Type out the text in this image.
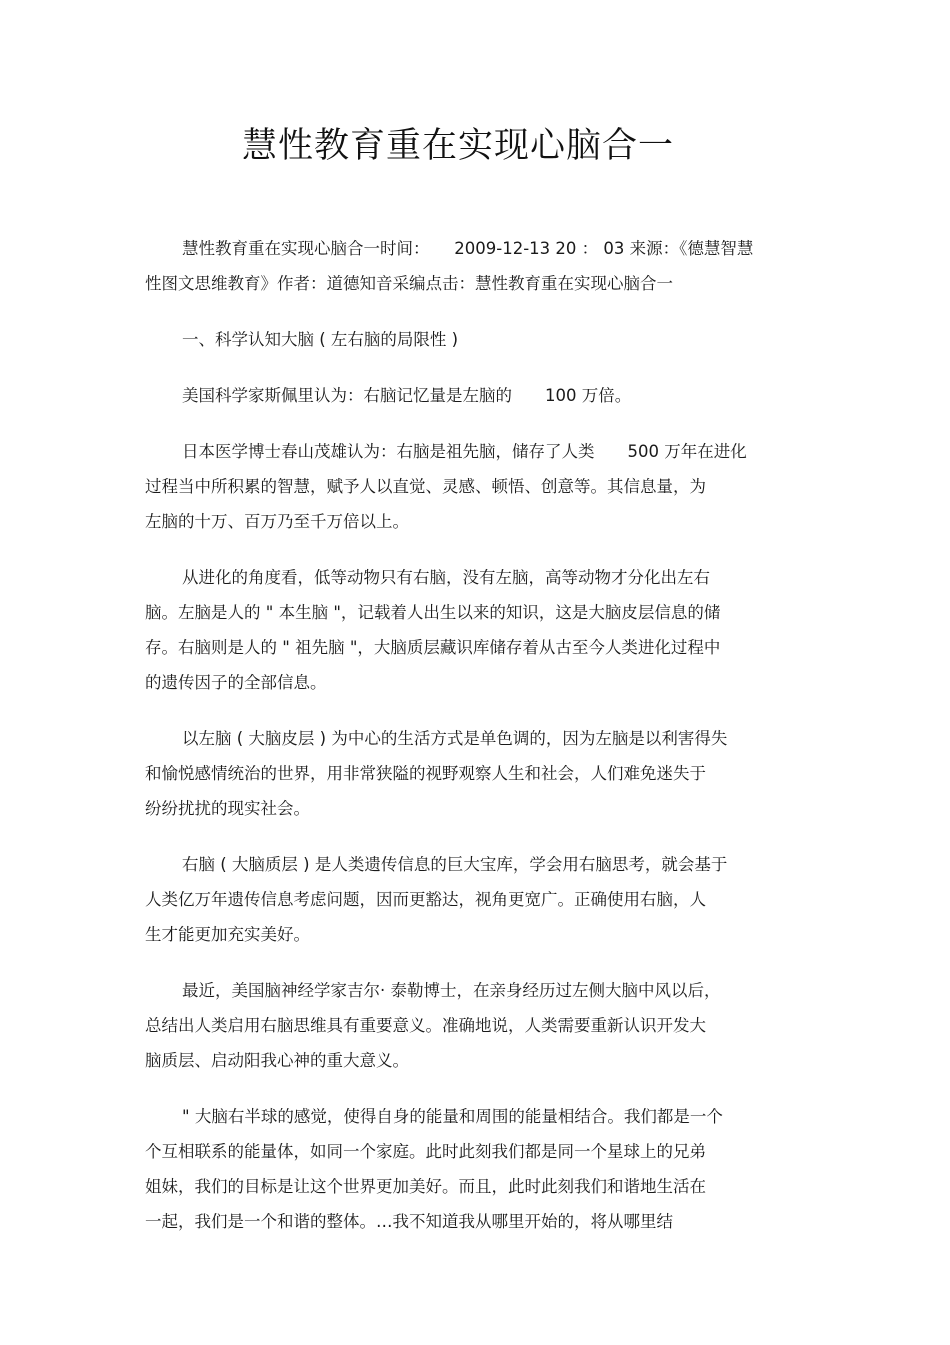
慧性教育重在实现心脑合一

慧性教育重在实现心脑合一时间：　　2009-12-13 20 ： 03 来源：《德慧智慧
性图文思维教育》作者：道德知音采编点击：慧性教育重在实现心脑合一

一、科学认知大脑 ( 左右脑的局限性 )

美国科学家斯佩里认为：右脑记忆量是左脑的　　100 万倍。

日本医学博士春山茂雄认为：右脑是祖先脑，储存了人类　　500 万年在进化
过程当中所积累的智慧，赋予人以直觉、灵感、顿悟、创意等。其信息量，为
左脑的十万、百万乃至千万倍以上。

从进化的角度看，低等动物只有右脑，没有左脑，高等动物才分化出左右
脑。左脑是人的 " 本生脑 "，记载着人出生以来的知识，这是大脑皮层信息的储
存。右脑则是人的 " 祖先脑 "，大脑质层藏识库储存着从古至今人类进化过程中
的遗传因子的全部信息。

以左脑 ( 大脑皮层 ) 为中心的生活方式是单色调的，因为左脑是以利害得失
和愉悦感情统治的世界，用非常狭隘的视野观察人生和社会，人们难免迷失于
纷纷扰扰的现实社会。

右脑 ( 大脑质层 ) 是人类遗传信息的巨大宝库，学会用右脑思考，就会基于
人类亿万年遗传信息考虑问题，因而更豁达，视角更宽广。正确使用右脑，人
生才能更加充实美好。

最近，美国脑神经学家吉尔· 泰勒博士，在亲身经历过左侧大脑中风以后，
总结出人类启用右脑思维具有重要意义。准确地说，人类需要重新认识开发大
脑质层、启动阳我心神的重大意义。

" 大脑右半球的感觉，使得自身的能量和周围的能量相结合。我们都是一个
个互相联系的能量体，如同一个家庭。此时此刻我们都是同一个星球上的兄弟
姐妹，我们的目标是让这个世界更加美好。而且，此时此刻我们和谐地生活在
一起，我们是一个和谐的整体。…我不知道我从哪里开始的，将从哪里结
